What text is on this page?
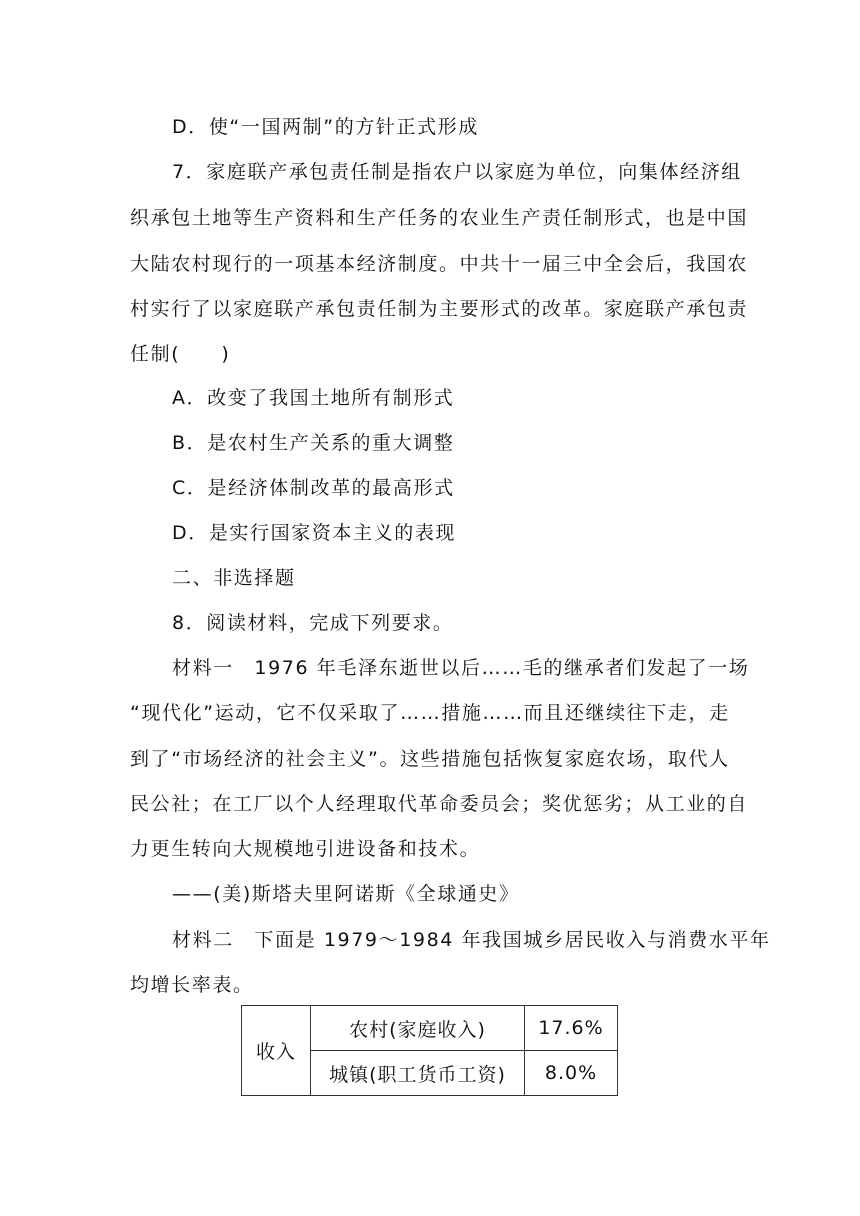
D．使“一国两制”的方针正式形成

7．家庭联产承包责任制是指农户以家庭为单位，向集体经济组

织承包土地等生产资料和生产任务的农业生产责任制形式，也是中国

大陆农村现行的一项基本经济制度。中共十一届三中全会后，我国农

村实行了以家庭联产承包责任制为主要形式的改革。家庭联产承包责

任制(　　)

A．改变了我国土地所有制形式

B．是农村生产关系的重大调整

C．是经济体制改革的最高形式

D．是实行国家资本主义的表现

二、非选择题

8．阅读材料，完成下列要求。

材料一　1976 年毛泽东逝世以后……毛的继承者们发起了一场

“现代化”运动，它不仅采取了……措施……而且还继续往下走，走

到了“市场经济的社会主义”。这些措施包括恢复家庭农场，取代人

民公社；在工厂以个人经理取代革命委员会；奖优惩劣；从工业的自

力更生转向大规模地引进设备和技术。

——(美)斯塔夫里阿诺斯《全球通史》

材料二　下面是 1979～1984 年我国城乡居民收入与消费水平年

均增长率表。

收入	农村(家庭收入)	17.6%
	城镇(职工货币工资)	8.0%
